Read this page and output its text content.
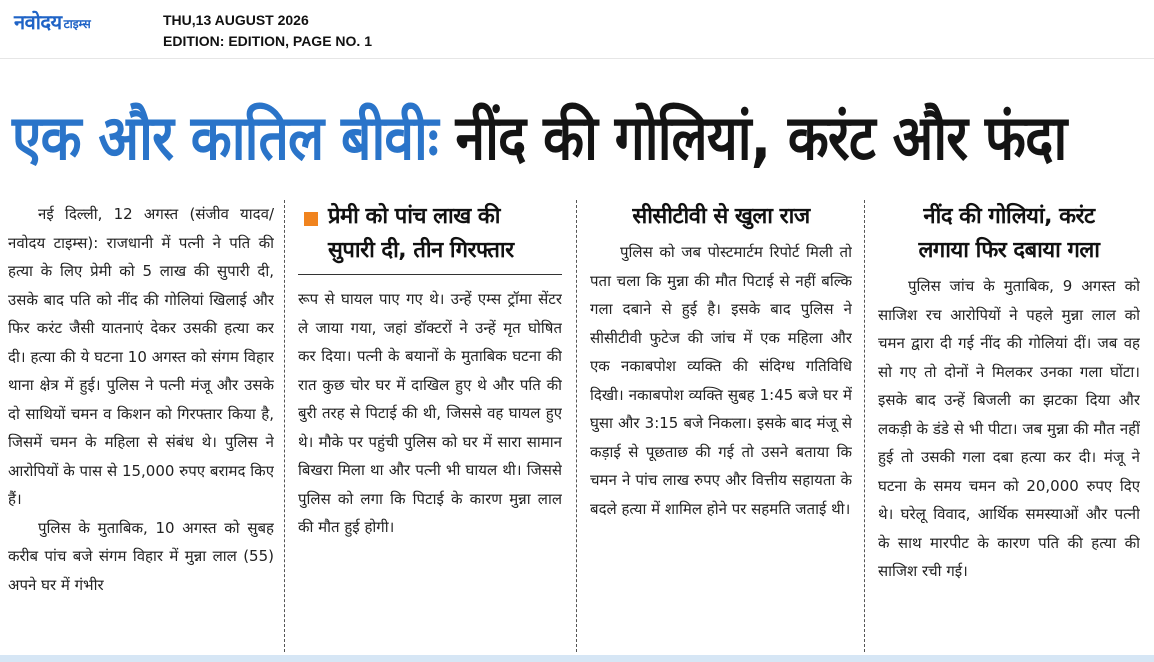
नवोदय टाइम्स	THU,13 AUGUST 2026
EDITION: EDITION, PAGE NO. 1
एक और कातिल बीवीः नींद की गोलियां, करंट और फंदा

नई दिल्ली, 12 अगस्त (संजीव यादव/नवोदय टाइम्स): राजधानी में पत्नी ने पति की हत्या के लिए प्रेमी को 5 लाख की सुपारी दी, उसके बाद पति को नींद की गोलियां खिलाई और फिर करंट जैसी यातनाएं देकर उसकी हत्या कर दी। हत्या की ये घटना 10 अगस्त को संगम विहार थाना क्षेत्र में हुई। पुलिस ने पत्नी मंजू और उसके दो साथियों चमन व किशन को गिरफ्तार किया है, जिसमें चमन के महिला से संबंध थे। पुलिस ने आरोपियों के पास से 15,000 रुपए बरामद किए हैं।

पुलिस के मुताबिक, 10 अगस्त को सुबह करीब पांच बजे संगम विहार में मुन्ना लाल (55) अपने घर में गंभीर

प्रेमी को पांच लाख की
सुपारी दी, तीन गिरफ्तार

रूप से घायल पाए गए थे। उन्हें एम्स ट्रॉमा सेंटर ले जाया गया, जहां डॉक्टरों ने उन्हें मृत घोषित कर दिया। पत्नी के बयानों के मुताबिक घटना की रात कुछ चोर घर में दाखिल हुए थे और पति की बुरी तरह से पिटाई की थी, जिससे वह घायल हुए थे। मौके पर पहुंची पुलिस को घर में सारा सामान बिखरा मिला था और पत्नी भी घायल थी। जिससे पुलिस को लगा कि पिटाई के कारण मुन्ना लाल की मौत हुई होगी।

सीसीटीवी से खुला राज

पुलिस को जब पोस्टमार्टम रिपोर्ट मिली तो पता चला कि मुन्ना की मौत पिटाई से नहीं बल्कि गला दबाने से हुई है। इसके बाद पुलिस ने सीसीटीवी फुटेज की जांच में एक महिला और एक नकाबपोश व्यक्ति की संदिग्ध गतिविधि दिखी। नकाबपोश व्यक्ति सुबह 1:45 बजे घर में घुसा और 3:15 बजे निकला। इसके बाद मंजू से कड़ाई से पूछताछ की गई तो उसने बताया कि चमन ने पांच लाख रुपए और वित्तीय सहायता के बदले हत्या में शामिल होने पर सहमति जताई थी।

नींद की गोलियां, करंट
लगाया फिर दबाया गला

पुलिस जांच के मुताबिक, 9 अगस्त को साजिश रच आरोपियों ने पहले मुन्ना लाल को चमन द्वारा दी गई नींद की गोलियां दीं। जब वह सो गए तो दोनों ने मिलकर उनका गला घोंटा। इसके बाद उन्हें बिजली का झटका दिया और लकड़ी के डंडे से भी पीटा। जब मुन्ना की मौत नहीं हुई तो उसकी गला दबा हत्या कर दी। मंजू ने घटना के समय चमन को 20,000 रुपए दिए थे। घरेलू विवाद, आर्थिक समस्याओं और पत्नी के साथ मारपीट के कारण पति की हत्या की साजिश रची गई।
